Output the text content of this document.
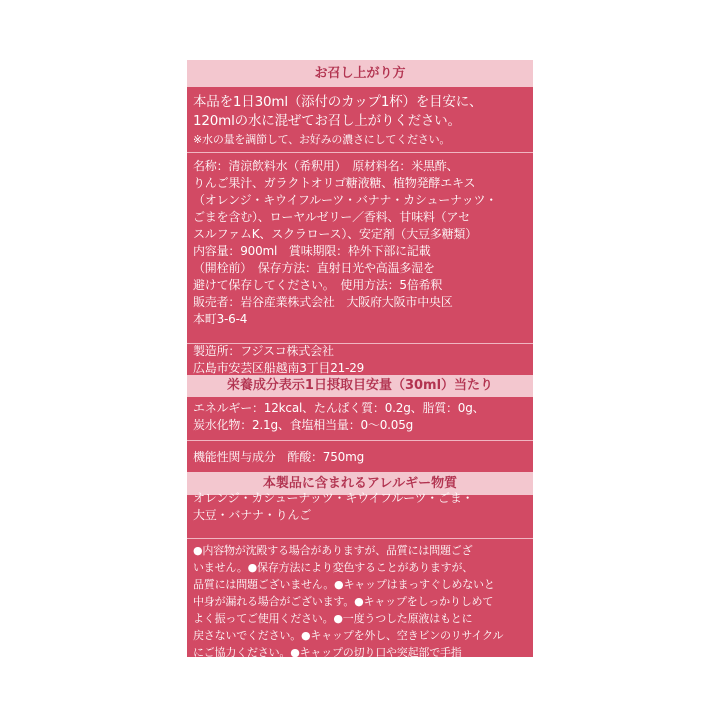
お召し上がり方
本品を1日30ml（添付のカップ1杯）を目安に、
120mlの水に混ぜてお召し上がりください。
※水の量を調節して、お好みの濃さにしてください。
名称：清涼飲料水（希釈用）　原材料名：米黒酢、
りんご果汁、ガラクトオリゴ糖液糖、植物発酵エキス
（オレンジ・キウイフルーツ・バナナ・カシューナッツ・
ごまを含む）、ローヤルゼリー／香料、甘味料（アセ
スルファムK、スクラロース）、安定剤（大豆多糖類）
内容量：900ml　賞味期限：枠外下部に記載
（開栓前）　保存方法：直射日光や高温多湿を
避けて保存してください。　使用方法：5倍希釈
販売者：岩谷産業株式会社　大阪府大阪市中央区
本町3-6-4
製造所：フジスコ株式会社
広島市安芸区船越南3丁目21-29
栄養成分表示1日摂取目安量（30ml）当たり
エネルギー：12kcal、たんぱく質：0.2g、脂質：0g、
炭水化物：2.1g、食塩相当量：0～0.05g
機能性関与成分　酢酸：750mg
本製品に含まれるアレルギー物質
オレンジ・カシューナッツ・キウイフルーツ・ごま・
大豆・バナナ・りんご
●内容物が沈殿する場合がありますが、品質には問題ござ
いません。●保存方法により変色することがありますが、
品質には問題ございません。●キャップはまっすぐしめないと
中身が漏れる場合がございます。●キャップをしっかりしめて
よく振ってご使用ください。●一度うつした原液はもとに
戻さないでください。●キャップを外し、空きビンのリサイクル
にご協力ください。●キャップの切り口や突起部で手指
などを切らないようにご注意ください。
